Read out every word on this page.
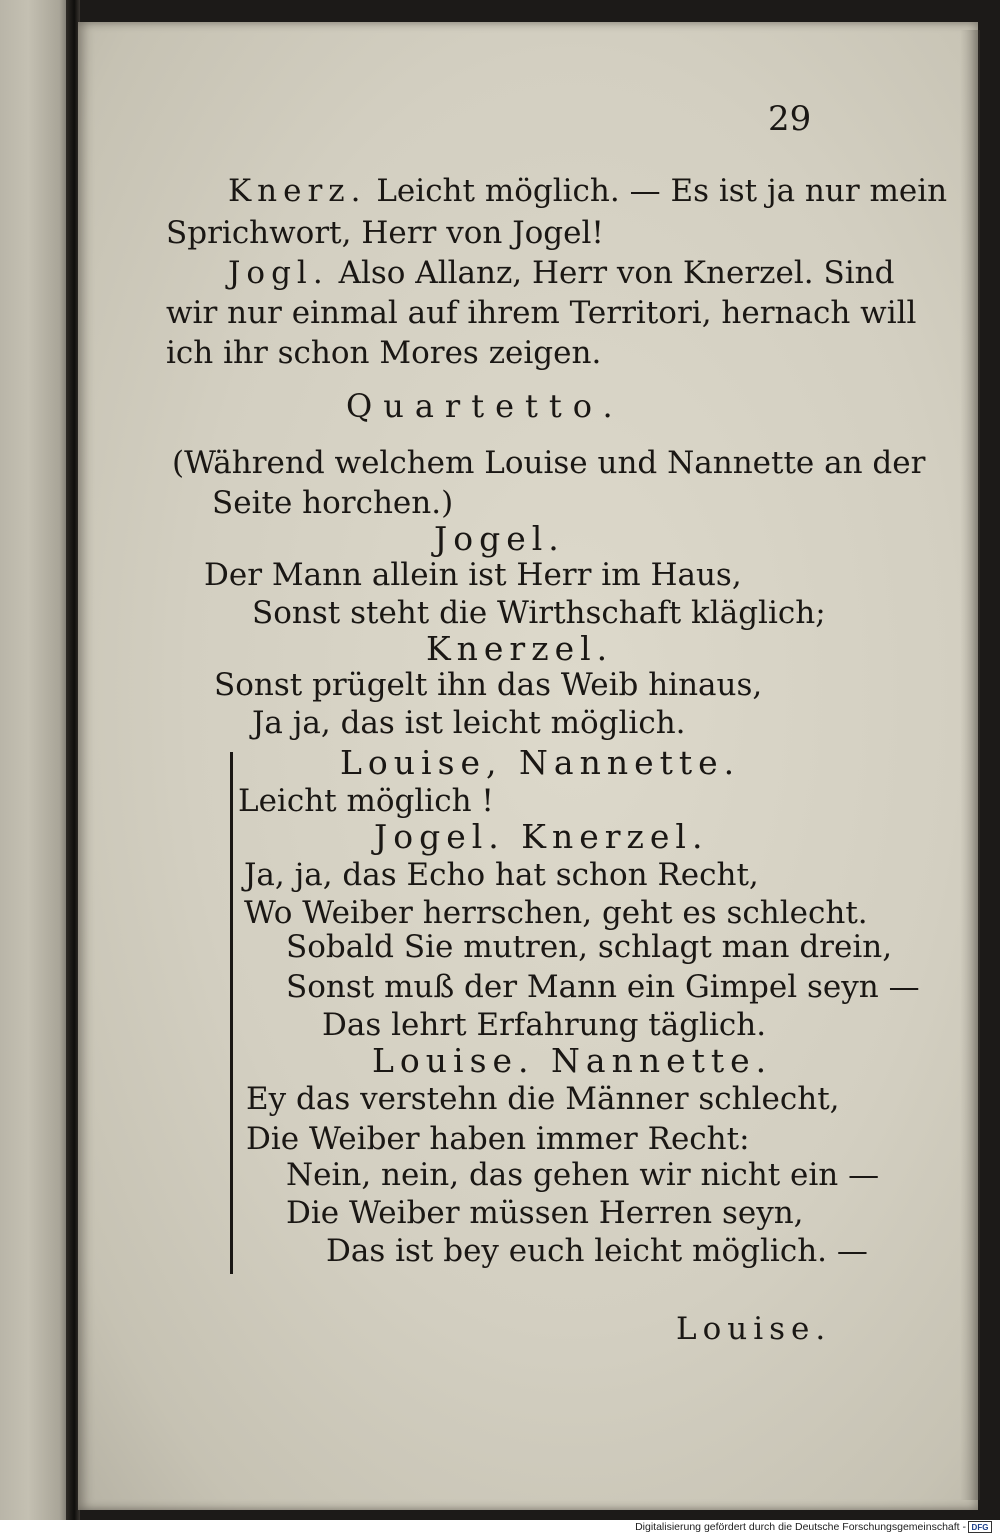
29
Knerz. Leicht möglich. — Es ist ja nur mein
Sprichwort, Herr von Jogel!
Jogl. Also Allanz, Herr von Knerzel. Sind
wir nur einmal auf ihrem Territori, hernach will
ich ihr schon Mores zeigen.
Quartetto.
(Während welchem Louise und Nannette an der
Seite horchen.)
Jogel.
Der Mann allein ist Herr im Haus,
Sonst steht die Wirthschaft kläglich;
Knerzel.
Sonst prügelt ihn das Weib hinaus,
Ja ja, das ist leicht möglich.
Louise, Nannette.
Leicht möglich !
Jogel. Knerzel.
Ja, ja, das Echo hat schon Recht,
Wo Weiber herrschen, geht es schlecht.
Sobald Sie mutren, schlagt man drein,
Sonst muß der Mann ein Gimpel seyn —
Das lehrt Erfahrung täglich.
Louise. Nannette.
Ey das verstehn die Männer schlecht,
Die Weiber haben immer Recht:
Nein, nein, das gehen wir nicht ein —
Die Weiber müssen Herren seyn,
Das ist bey euch leicht möglich. —
Louise.
Digitalisierung gefördert durch die Deutsche Forschungsgemeinschaft - DFG
